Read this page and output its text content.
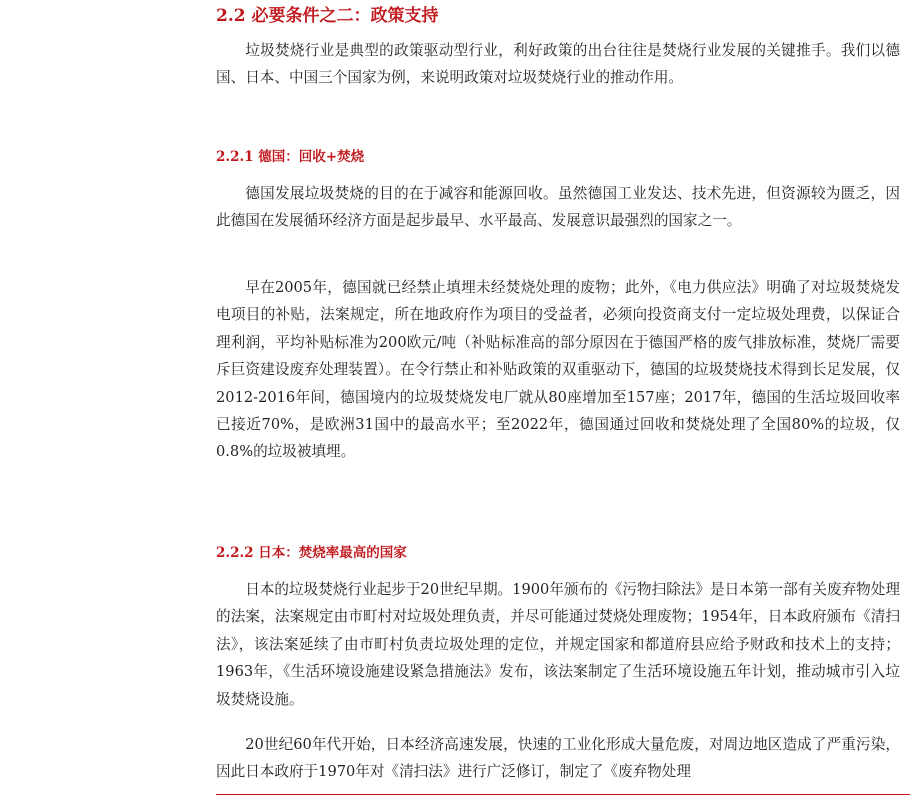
2.2 必要条件之二：政策支持

垃圾焚烧行业是典型的政策驱动型行业，利好政策的出台往往是焚烧行业发展的关键推手。我们以德国、日本、中国三个国家为例，来说明政策对垃圾焚烧行业的推动作用。

2.2.1 德国：回收+焚烧

德国发展垃圾焚烧的目的在于减容和能源回收。虽然德国工业发达、技术先进，但资源较为匮乏，因此德国在发展循环经济方面是起步最早、水平最高、发展意识最强烈的国家之一。

早在2005年，德国就已经禁止填埋未经焚烧处理的废物；此外，《电力供应法》明确了对垃圾焚烧发电项目的补贴，法案规定，所在地政府作为项目的受益者，必须向投资商支付一定垃圾处理费，以保证合理利润，平均补贴标准为200欧元/吨（补贴标准高的部分原因在于德国严格的废气排放标准，焚烧厂需要斥巨资建设废弃处理装置）。在令行禁止和补贴政策的双重驱动下，德国的垃圾焚烧技术得到长足发展，仅2012-2016年间，德国境内的垃圾焚烧发电厂就从80座增加至157座；2017年，德国的生活垃圾回收率已接近70%，是欧洲31国中的最高水平；至2022年，德国通过回收和焚烧处理了全国80%的垃圾，仅0.8%的垃圾被填埋。

2.2.2 日本：焚烧率最高的国家

日本的垃圾焚烧行业起步于20世纪早期。1900年颁布的《污物扫除法》是日本第一部有关废弃物处理的法案，法案规定由市町村对垃圾处理负责，并尽可能通过焚烧处理废物；1954年，日本政府颁布《清扫法》，该法案延续了由市町村负责垃圾处理的定位，并规定国家和都道府县应给予财政和技术上的支持；1963年，《生活环境设施建设紧急措施法》发布，该法案制定了生活环境设施五年计划，推动城市引入垃圾焚烧设施。

20世纪60年代开始，日本经济高速发展，快速的工业化形成大量危废，对周边地区造成了严重污染，因此日本政府于1970年对《清扫法》进行广泛修订，制定了《废弃物处理
